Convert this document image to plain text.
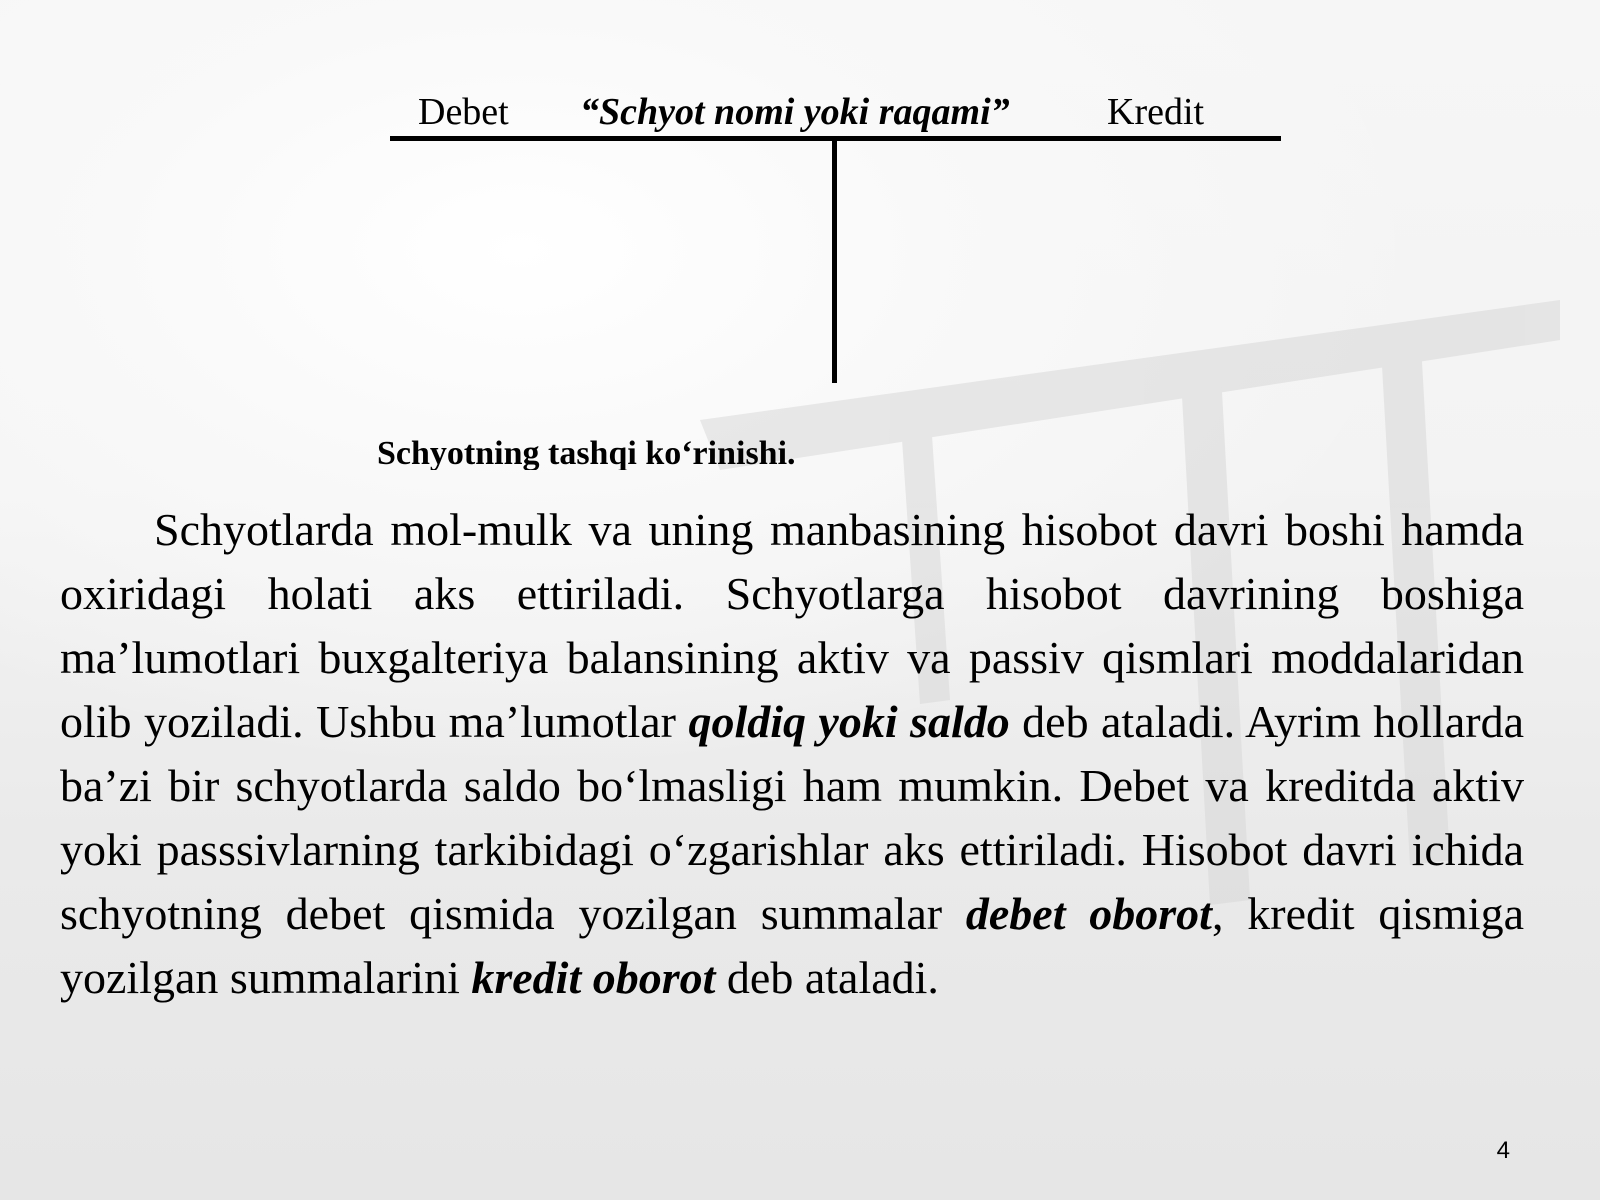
Debet “Schyot nomi yoki raqami”	Kredit
Schyotning tashqi ko‘rinishi.

Schyotlarda mol-mulk va uning manbasining hisobot davri boshi hamda oxiridagi holati aks ettiriladi. Schyotlarga hisobot davrining boshiga ma’lumotlari buxgalteriya balansining aktiv va passiv qismlari moddalaridan olib yoziladi. Ushbu ma’lumotlar qoldiq yoki saldo deb ataladi. Ayrim hollarda ba’zi bir schyotlarda saldo bo‘lmasligi ham mumkin. Debet va kreditda aktiv yoki passsivlarning tarkibidagi o‘zgarishlar aks ettiriladi. Hisobot davri ichida schyotning debet qismida yozilgan summalar debet oborot, kredit qismiga yozilgan summalarini kredit oborot deb ataladi.

4
